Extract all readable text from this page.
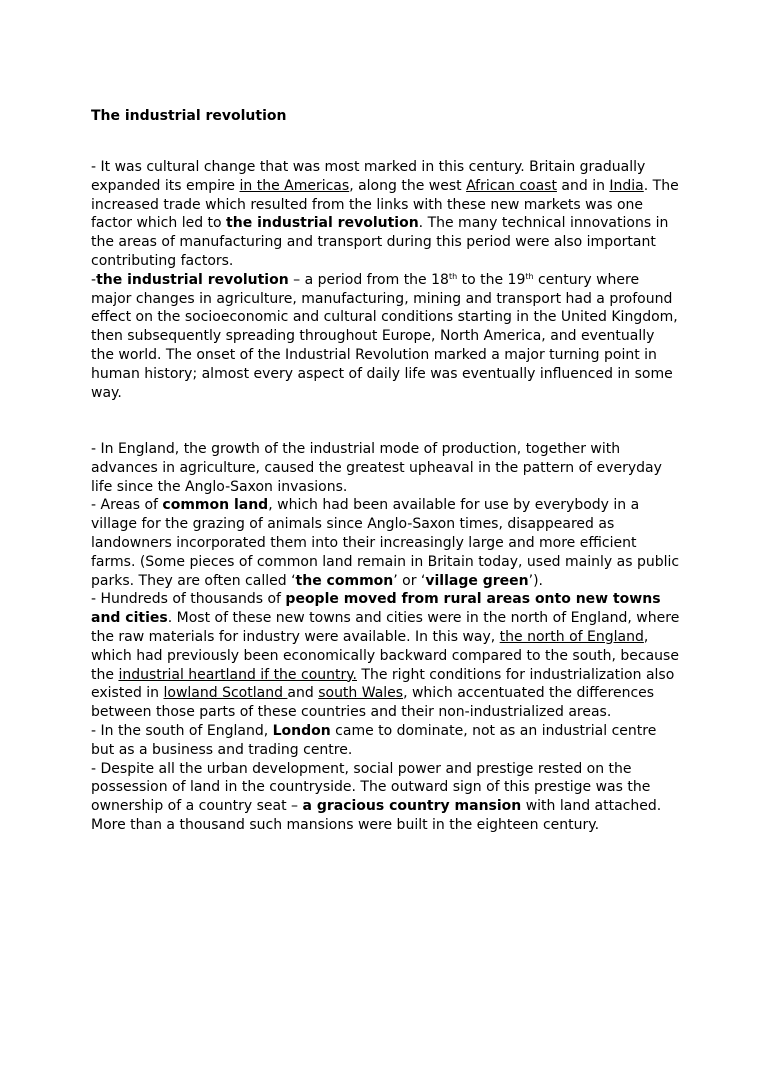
The industrial revolution

- It was cultural change that was most marked in this century. Britain gradually expanded its empire in the Americas, along the west African coast and in India. The increased trade which resulted from the links with these new markets was one factor which led to the industrial revolution. The many technical innovations in the areas of manufacturing and transport during this period were also important contributing factors.

-the industrial revolution – a period from the 18th to the 19th century where major changes in agriculture, manufacturing, mining and transport had a profound effect on the socioeconomic and cultural conditions starting in the United Kingdom, then subsequently spreading throughout Europe, North America, and eventually the world. The onset of the Industrial Revolution marked a major turning point in human history; almost every aspect of daily life was eventually influenced in some way.

- In England, the growth of the industrial mode of production, together with advances in agriculture, caused the greatest upheaval in the pattern of everyday life since the Anglo-Saxon invasions.

- Areas of common land, which had been available for use by everybody in a village for the grazing of animals since Anglo-Saxon times, disappeared as landowners incorporated them into their increasingly large and more efficient farms. (Some pieces of common land remain in Britain today, used mainly as public parks. They are often called ‘the common’ or ‘village green’).

- Hundreds of thousands of people moved from rural areas onto new towns and cities. Most of these new towns and cities were in the north of England, where the raw materials for industry were available. In this way, the north of England, which had previously been economically backward compared to the south, because the industrial heartland if the country. The right conditions for industrialization also existed in lowland Scotland and south Wales, which accentuated the differences between those parts of these countries and their non-industrialized areas.

- In the south of England, London came to dominate, not as an industrial centre but as a business and trading centre.

- Despite all the urban development, social power and prestige rested on the possession of land in the countryside. The outward sign of this prestige was the ownership of a country seat – a gracious country mansion with land attached. More than a thousand such mansions were built in the eighteen century.
